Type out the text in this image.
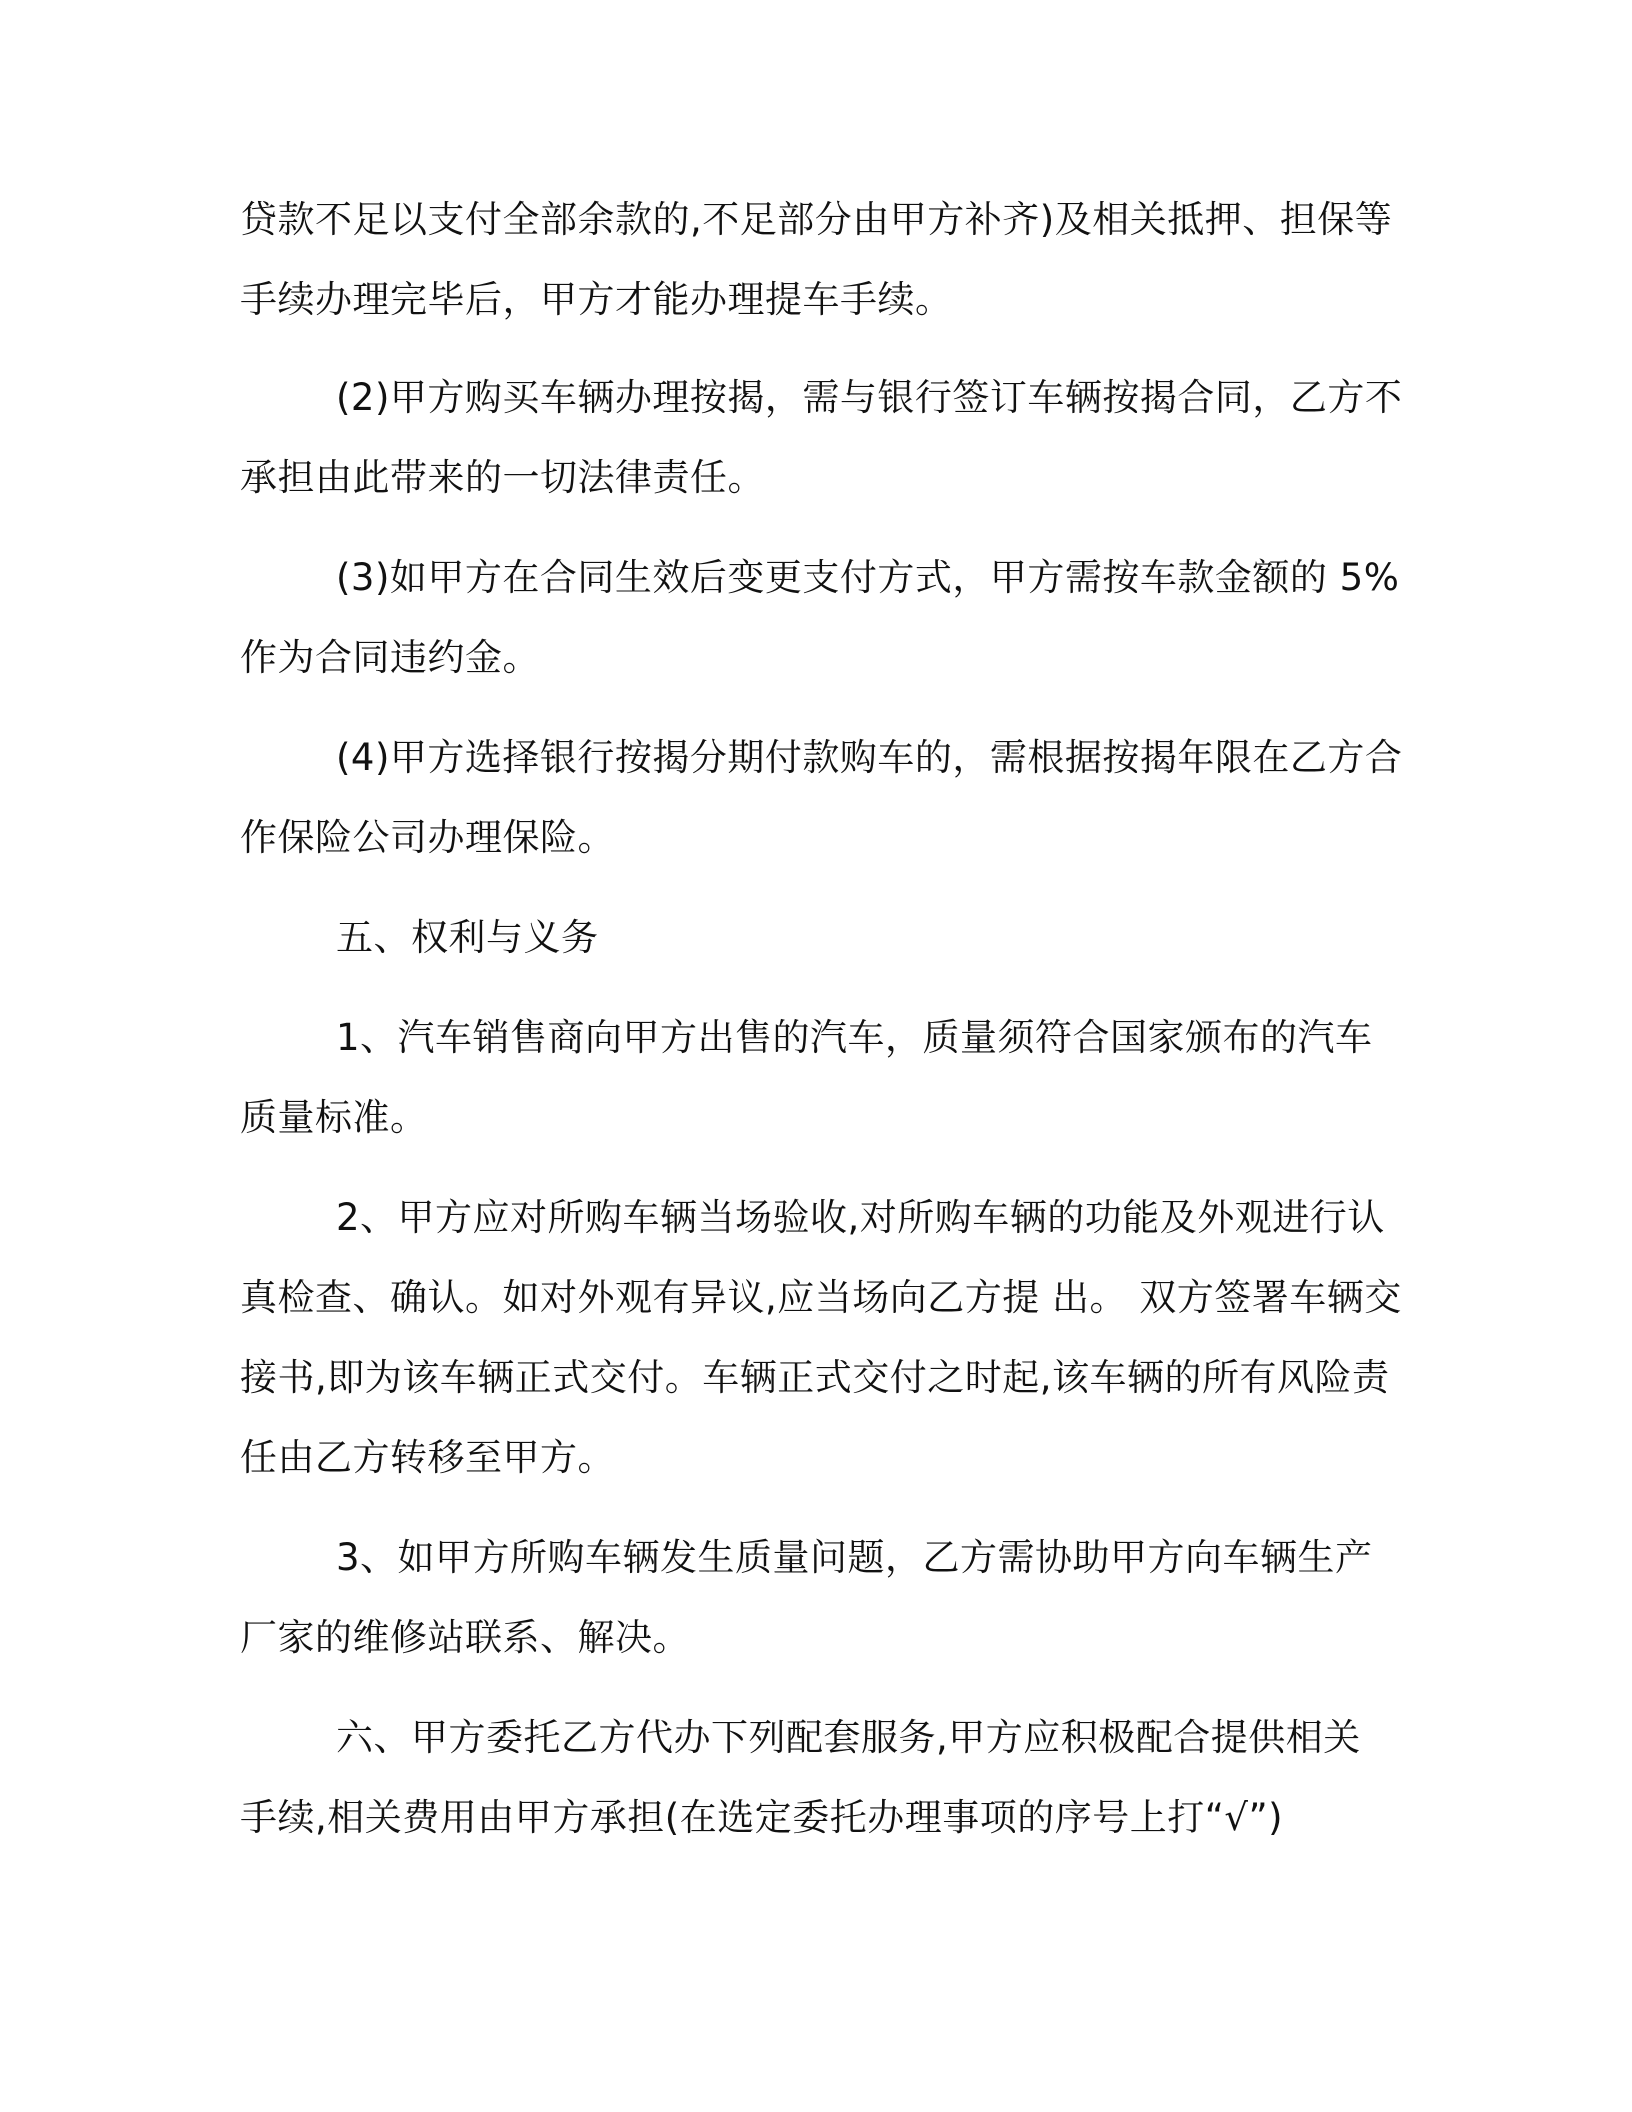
贷款不足以支付全部余款的,不足部分由甲方补齐)及相关抵押、担保等
手续办理完毕后，甲方才能办理提车手续。
(2)甲方购买车辆办理按揭，需与银行签订车辆按揭合同，乙方不
承担由此带来的一切法律责任。
(3)如甲方在合同生效后变更支付方式，甲方需按车款金额的 5%
作为合同违约金。
(4)甲方选择银行按揭分期付款购车的，需根据按揭年限在乙方合
作保险公司办理保险。
五、权利与义务
1、汽车销售商向甲方出售的汽车，质量须符合国家颁布的汽车
质量标准。
2、甲方应对所购车辆当场验收,对所购车辆的功能及外观进行认
真检查、确认。如对外观有异议,应当场向乙方提 出。 双方签署车辆交
接书,即为该车辆正式交付。车辆正式交付之时起,该车辆的所有风险责
任由乙方转移至甲方。
3、如甲方所购车辆发生质量问题，乙方需协助甲方向车辆生产
厂家的维修站联系、解决。
六、甲方委托乙方代办下列配套服务,甲方应积极配合提供相关
手续,相关费用由甲方承担(在选定委托办理事项的序号上打“√”)
